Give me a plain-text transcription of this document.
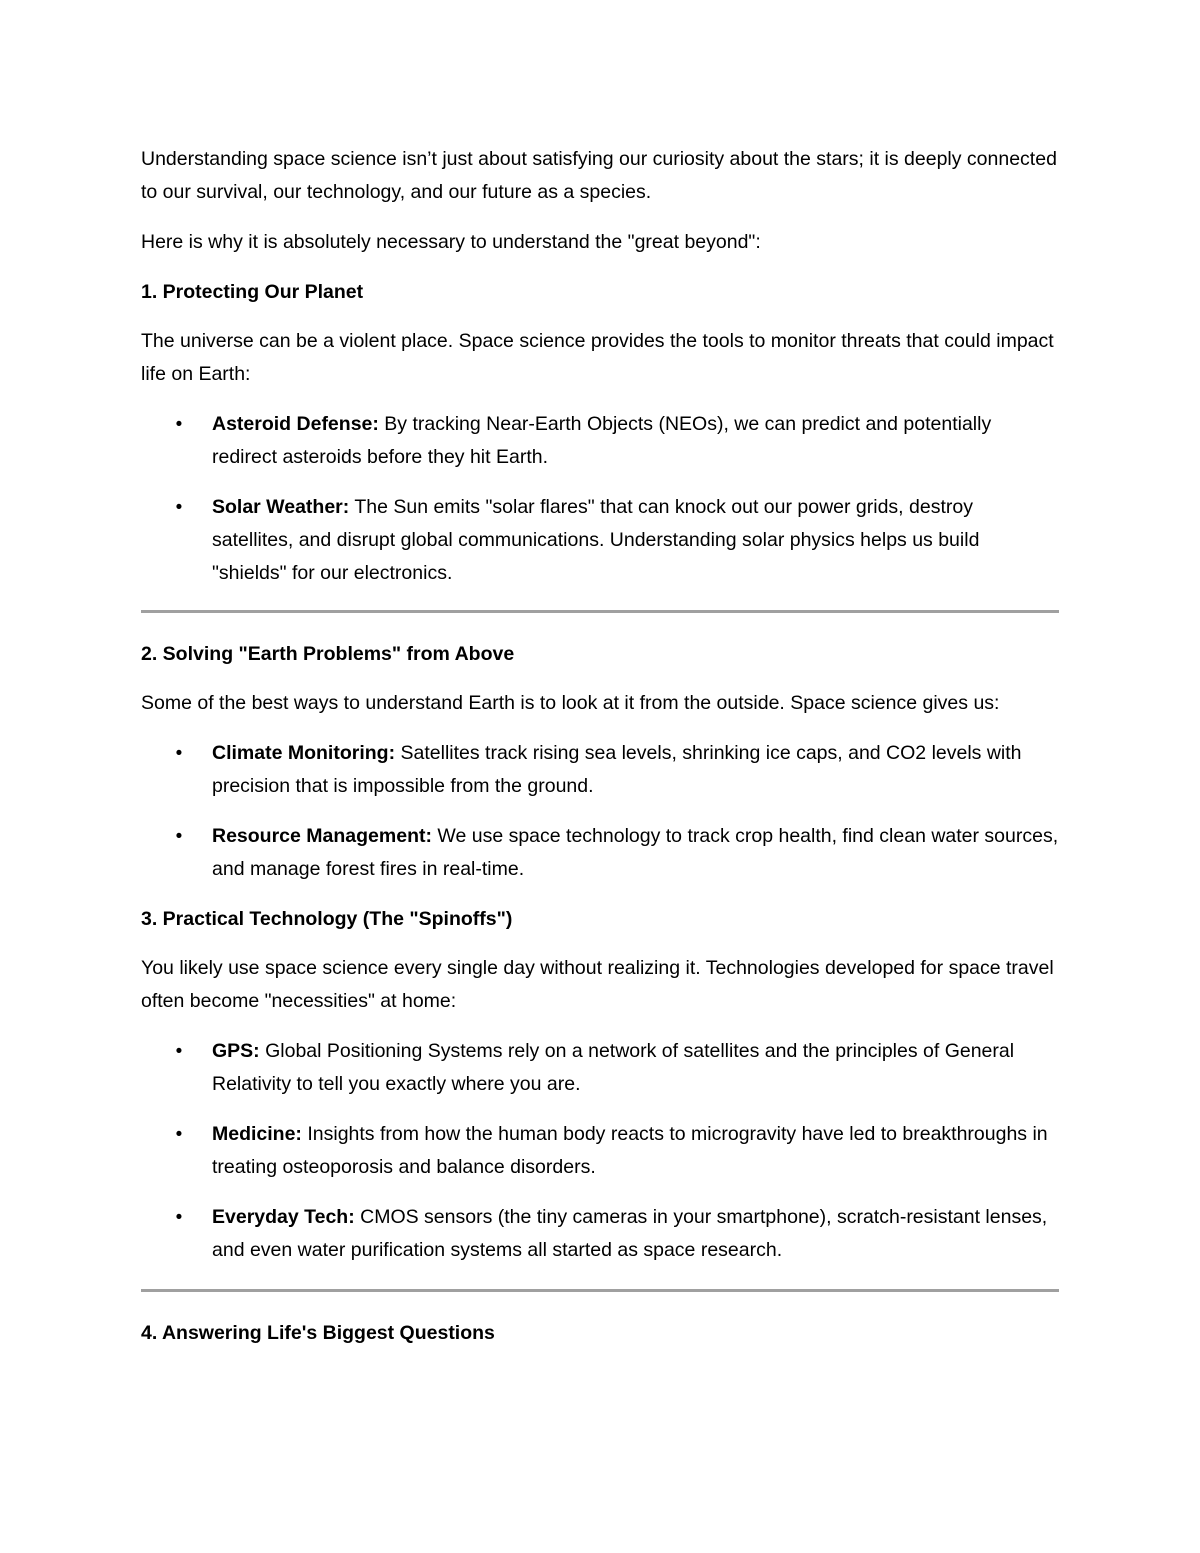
Understanding space science isn’t just about satisfying our curiosity about the stars; it is deeply connected to our survival, our technology, and our future as a species.

Here is why it is absolutely necessary to understand the "great beyond":

1. Protecting Our Planet

The universe can be a violent place. Space science provides the tools to monitor threats that could impact life on Earth:

• Asteroid Defense: By tracking Near-Earth Objects (NEOs), we can predict and potentially redirect asteroids before they hit Earth.
• Solar Weather: The Sun emits "solar flares" that can knock out our power grids, destroy satellites, and disrupt global communications. Understanding solar physics helps us build "shields" for our electronics.

2. Solving "Earth Problems" from Above

Some of the best ways to understand Earth is to look at it from the outside. Space science gives us:

• Climate Monitoring: Satellites track rising sea levels, shrinking ice caps, and CO2 levels with precision that is impossible from the ground.
• Resource Management: We use space technology to track crop health, find clean water sources, and manage forest fires in real-time.

3. Practical Technology (The "Spinoffs")

You likely use space science every single day without realizing it. Technologies developed for space travel often become "necessities" at home:

• GPS: Global Positioning Systems rely on a network of satellites and the principles of General Relativity to tell you exactly where you are.
• Medicine: Insights from how the human body reacts to microgravity have led to breakthroughs in treating osteoporosis and balance disorders.
• Everyday Tech: CMOS sensors (the tiny cameras in your smartphone), scratch-resistant lenses, and even water purification systems all started as space research.

4. Answering Life's Biggest Questions
